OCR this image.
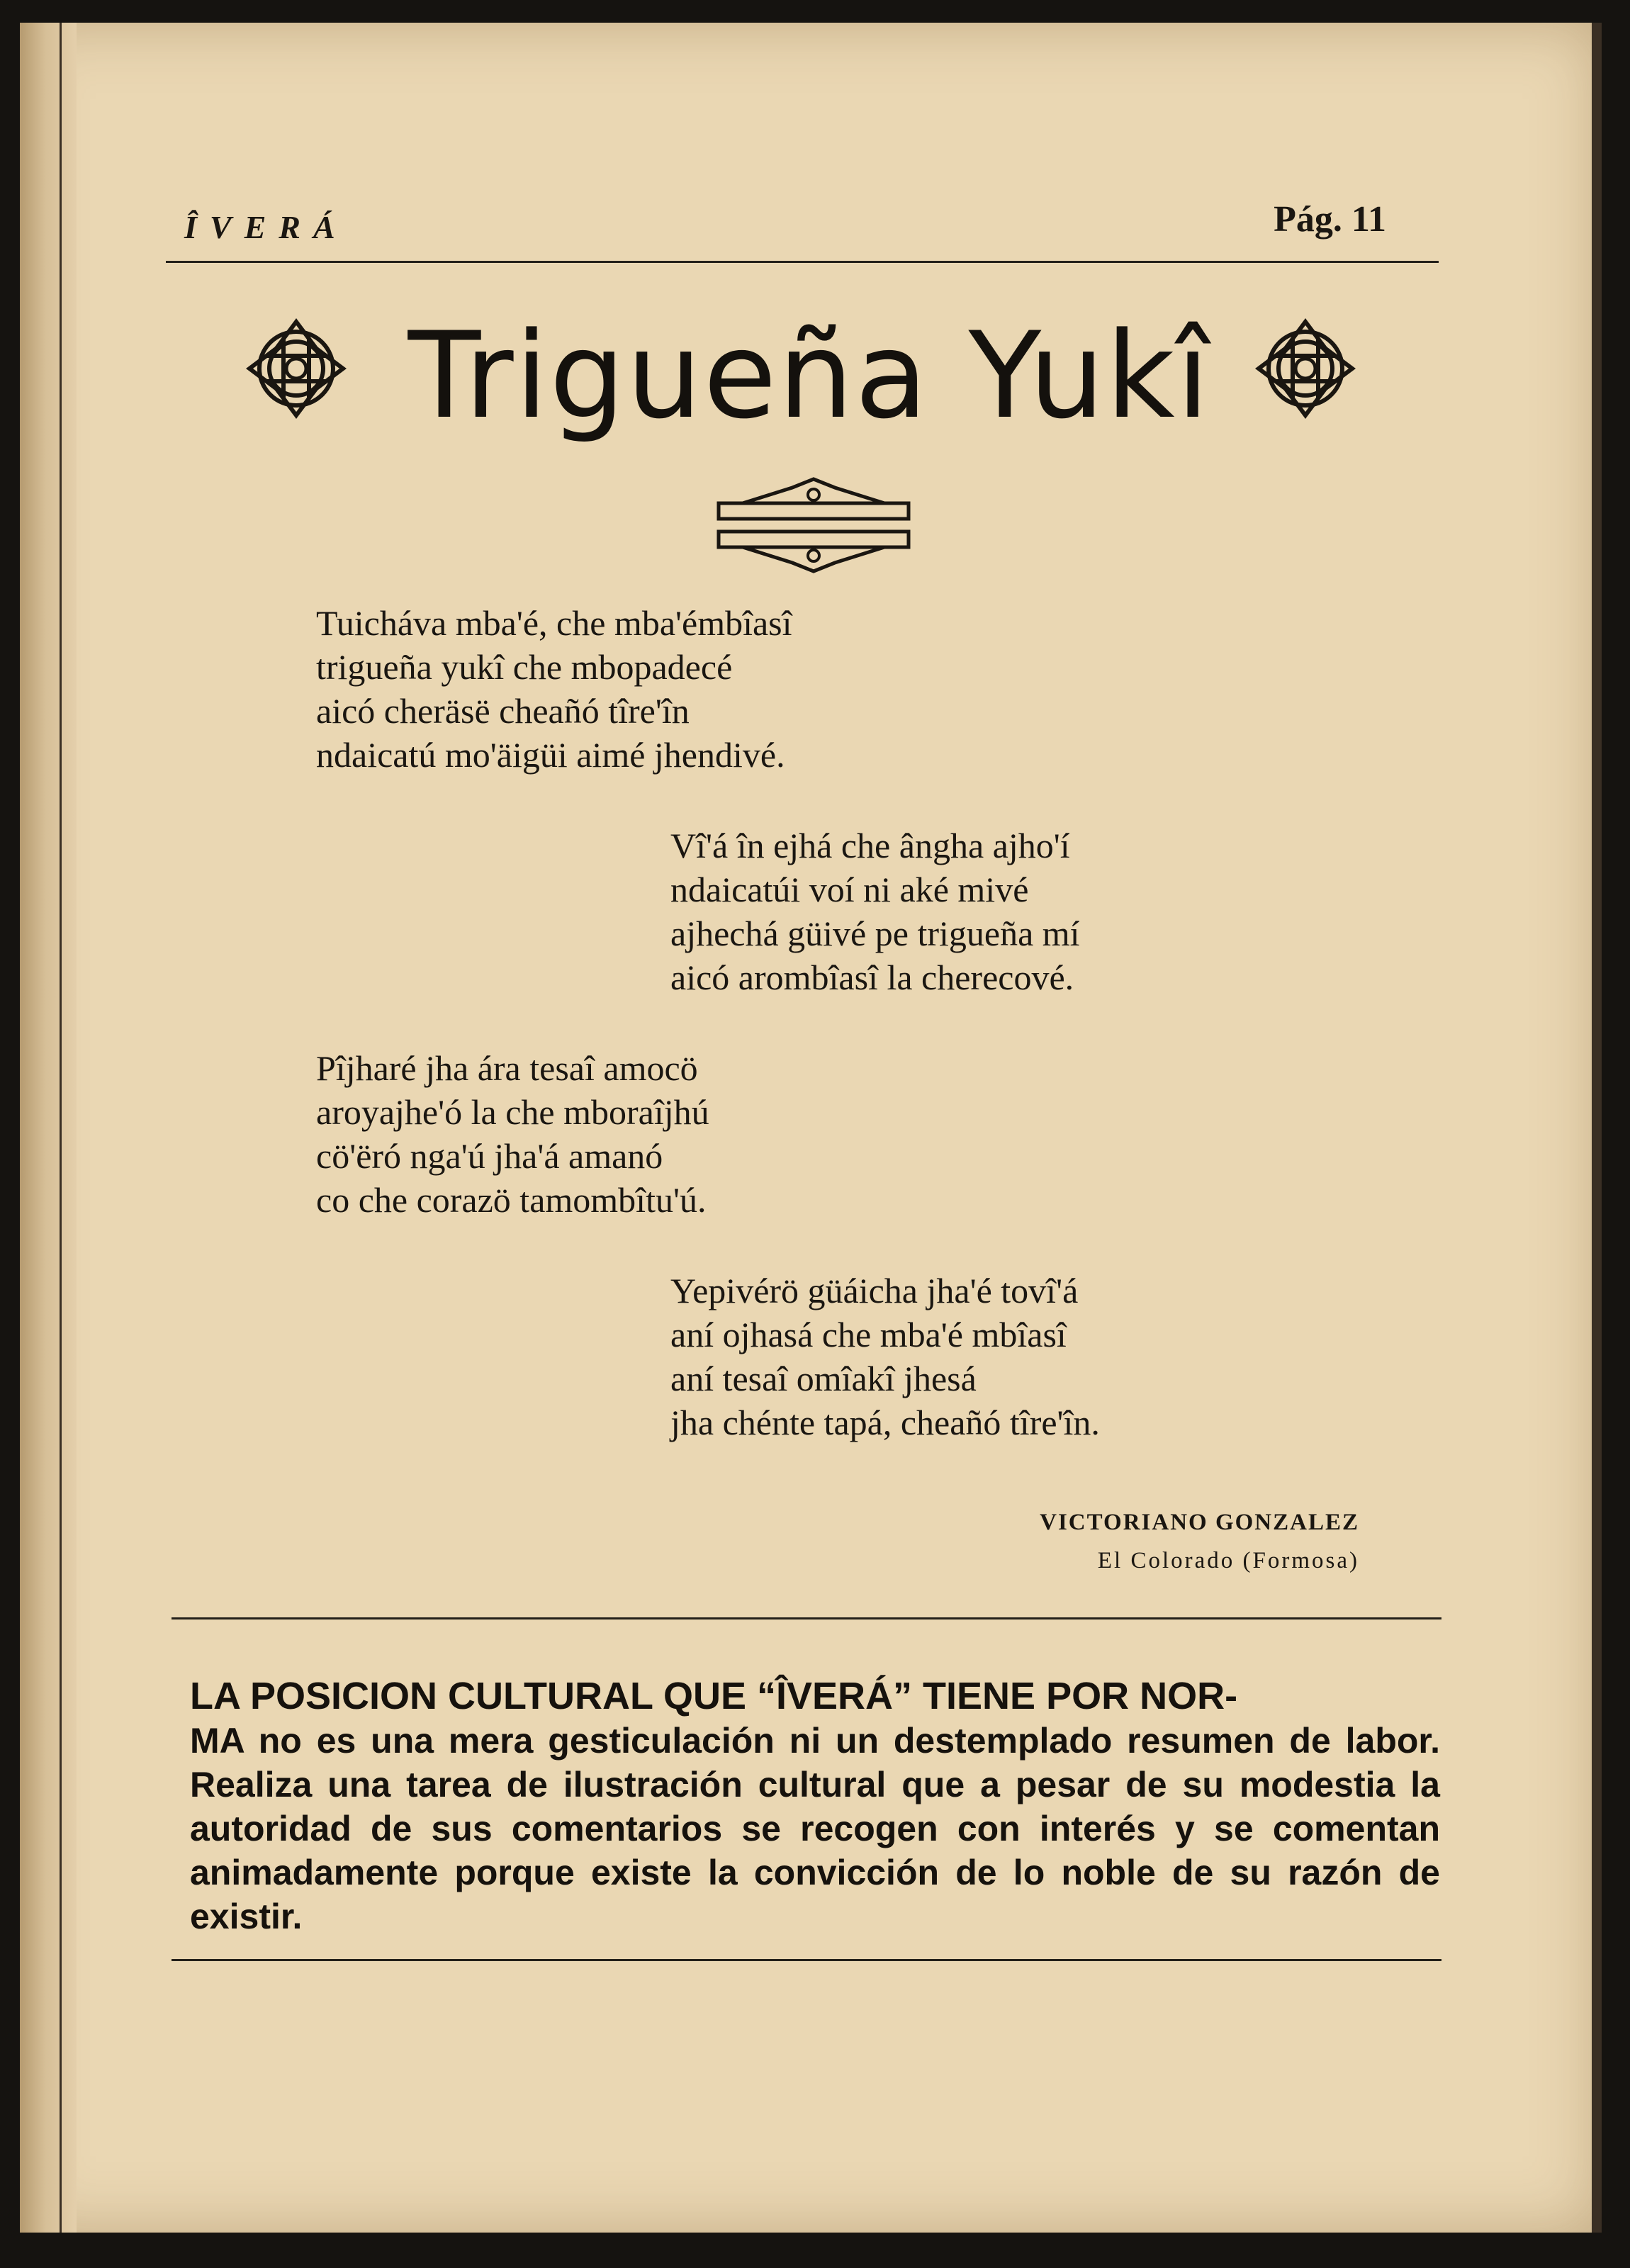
ÎVERÁ	Pág. 11
Trigueña Yukî
Tuicháva mba'é, che mba'émbîasî
trigueña yukî che mbopadecé
aicó cheräsë cheañó tîre'în
ndaicatú mo'äigüi aimé jhendivé.
Vî'á în ejhá che ângha ajho'í
ndaicatúi voí ni aké mivé
ajhechá güivé pe trigueña mí
aicó arombîasî la cherecové.
Pîjharé jha ára tesaî amocö
aroyajhe'ó la che mboraîjhú
cö'ëró nga'ú jha'á amanó
co che corazö tamombîtu'ú.
Yepivérö güáicha jha'é tovî'á
aní ojhasá che mba'é mbîasî
aní tesaî omîakî jhesá
jha chénte tapá, cheañó tîre'în.
VICTORIANO GONZALEZ
El Colorado (Formosa)
LA POSICION CULTURAL QUE “ÎVERÁ” TIENE POR NOR-
MA no es una mera gesticulación ni un destemplado resumen de labor. Realiza una tarea de ilustración cultural que a pesar de su modestia la autoridad de sus comentarios se recogen con interés y se comentan animadamente porque existe la convicción de lo noble de su razón de existir.
